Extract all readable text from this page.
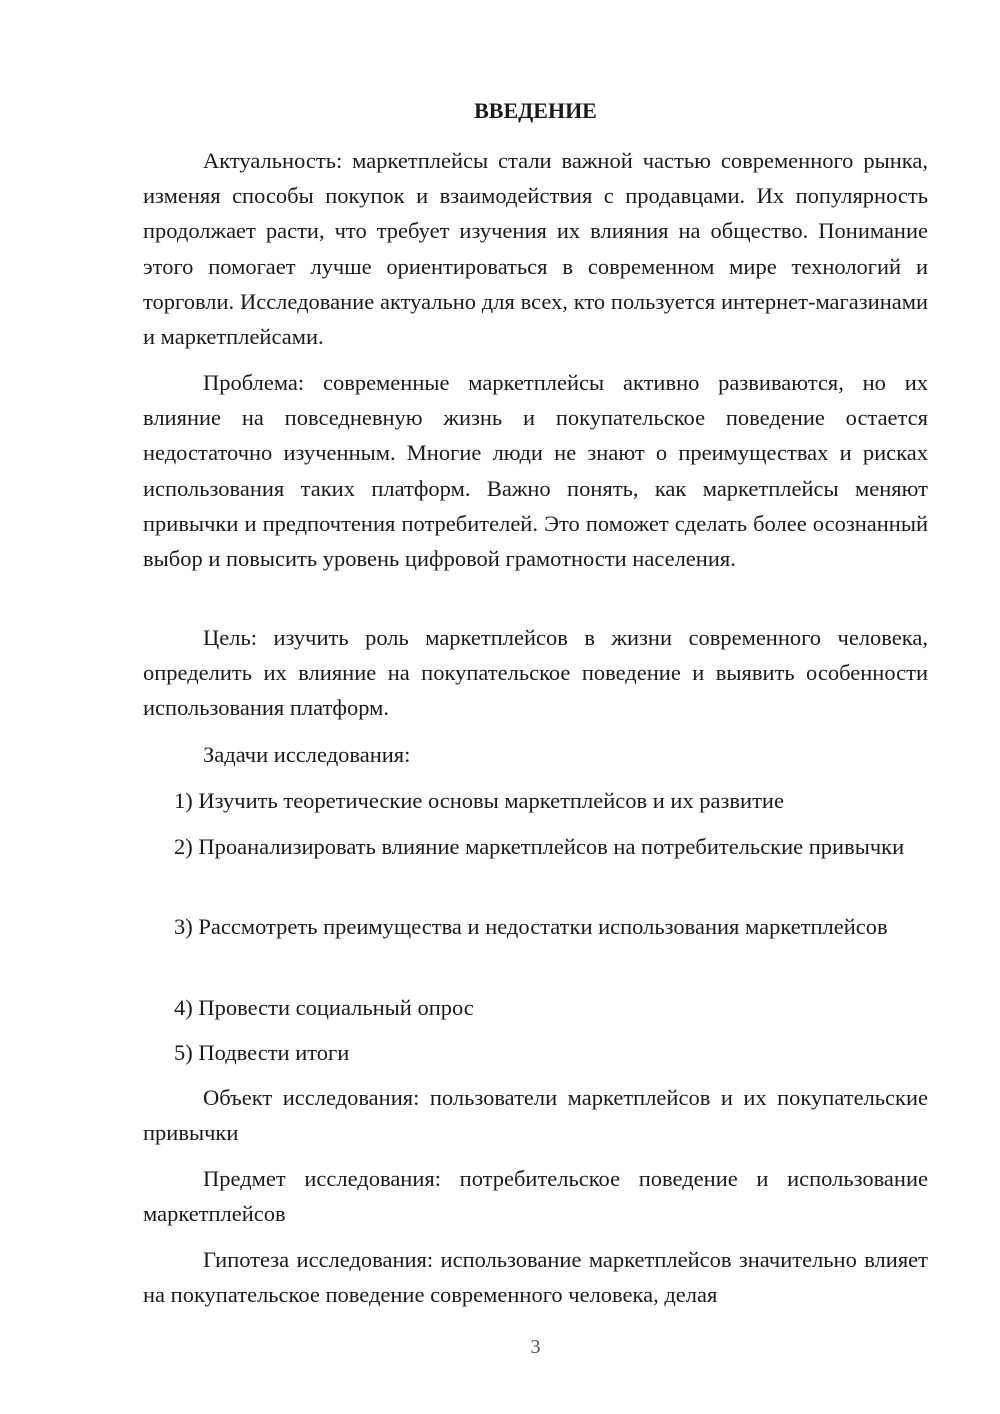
ВВЕДЕНИЕ

Актуальность: маркетплейсы стали важной частью современного рынка, изменяя способы покупок и взаимодействия с продавцами. Их популярность продолжает расти, что требует изучения их влияния на общество. Понимание этого помогает лучше ориентироваться в современном мире технологий и торговли. Исследование актуально для всех, кто пользуется интернет-магазинами и маркетплейсами.

Проблема: современные маркетплейсы активно развиваются, но их влияние на повседневную жизнь и покупательское поведение остается недостаточно изученным. Многие люди не знают о преимуществах и рисках использования таких платформ. Важно понять, как маркетплейсы меняют привычки и предпочтения потребителей. Это поможет сделать более осознанный выбор и повысить уровень цифровой грамотности населения.

Цель: изучить роль маркетплейсов в жизни современного человека, определить их влияние на покупательское поведение и выявить особенности использования платформ.

Задачи исследования:

1) Изучить теоретические основы маркетплейсов и их развитие

2) Проанализировать влияние маркетплейсов на потребительские привычки

3) Рассмотреть преимущества и недостатки использования маркетплейсов

4) Провести социальный опрос

5) Подвести итоги

Объект исследования: пользователи маркетплейсов и их покупательские привычки

Предмет исследования: потребительское поведение и использование маркетплейсов

Гипотеза исследования: использование маркетплейсов значительно влияет на покупательское поведение современного человека, делая

3
